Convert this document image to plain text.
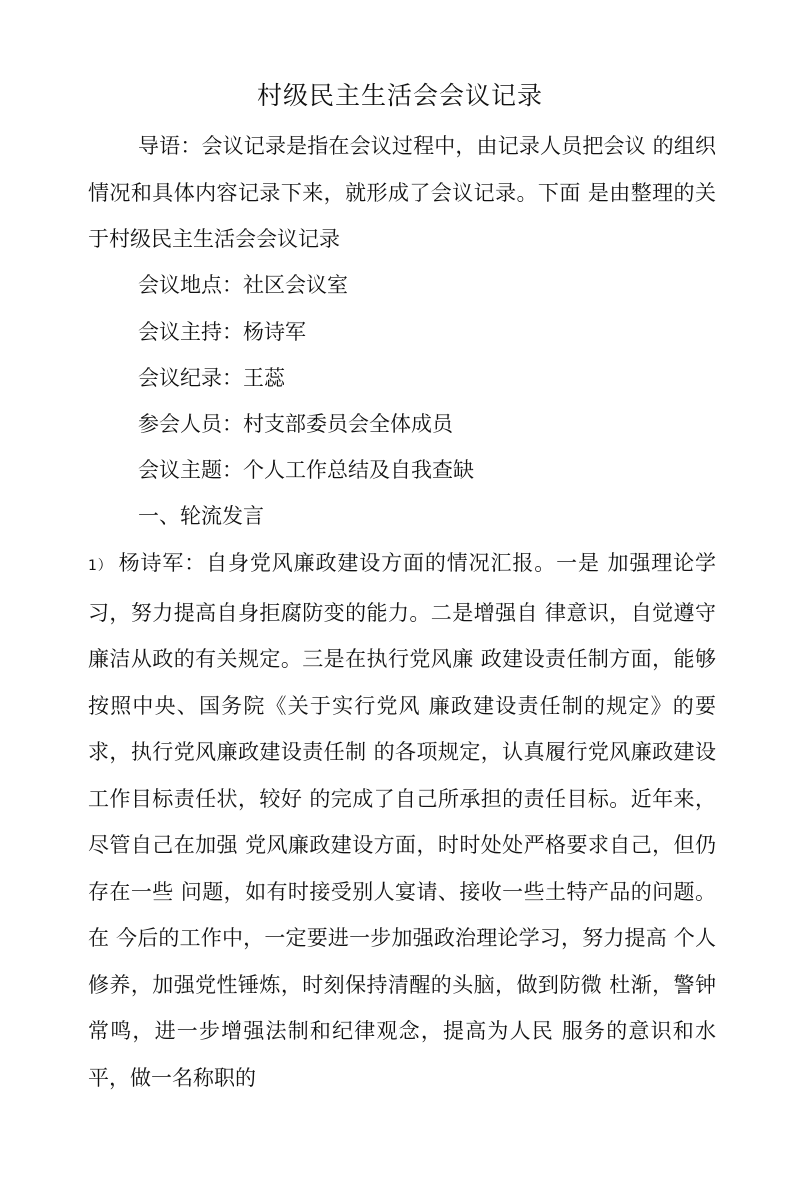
村级民主生活会会议记录
导语：会议记录是指在会议过程中，由记录人员把会议 的组织情况和具体内容记录下来，就形成了会议记录。下面 是由整理的关于村级民主生活会会议记录
会议地点：社区会议室
会议主持：杨诗军
会议纪录：王蕊
参会人员：村支部委员会全体成员
会议主题：个人工作总结及自我查缺
一、轮流发言
1） 杨诗军：自身党风廉政建设方面的情况汇报。一是 加强理论学习，努力提高自身拒腐防变的能力。二是增强自 律意识，自觉遵守廉洁从政的有关规定。三是在执行党风廉 政建设责任制方面，能够按照中央、国务院《关于实行党风 廉政建设责任制的规定》的要求，执行党风廉政建设责任制 的各项规定，认真履行党风廉政建设工作目标责任状，较好 的完成了自己所承担的责任目标。近年来，尽管自己在加强 党风廉政建设方面，时时处处严格要求自己，但仍存在一些 问题，如有时接受别人宴请、接收一些土特产品的问题。在 今后的工作中，一定要进一步加强政治理论学习，努力提高 个人修养，加强党性锤炼，时刻保持清醒的头脑，做到防微 杜渐，警钟常鸣，进一步增强法制和纪律观念，提高为人民 服务的意识和水平，做一名称职的
